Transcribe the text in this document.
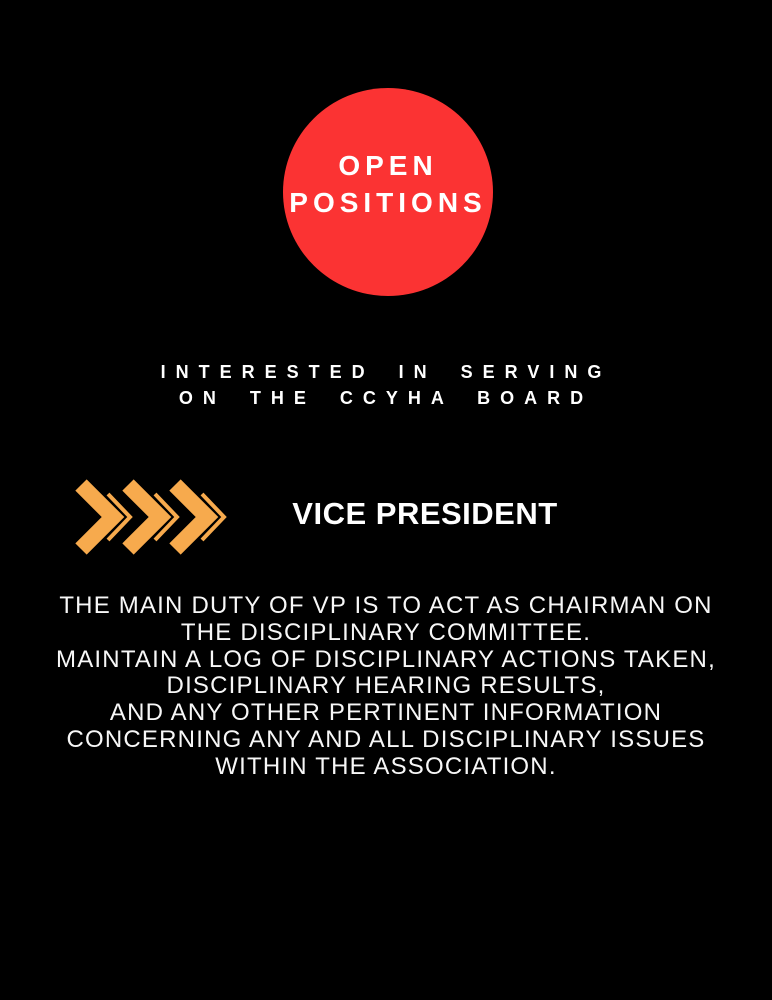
OPEN
POSITIONS
INTERESTED IN SERVING
ON THE CCYHA BOARD
VICE PRESIDENT
THE MAIN DUTY OF VP IS TO ACT AS CHAIRMAN ON
THE DISCIPLINARY COMMITTEE.
MAINTAIN A LOG OF DISCIPLINARY ACTIONS TAKEN,
DISCIPLINARY HEARING RESULTS,
AND ANY OTHER PERTINENT INFORMATION
CONCERNING ANY AND ALL DISCIPLINARY ISSUES
WITHIN THE ASSOCIATION.
